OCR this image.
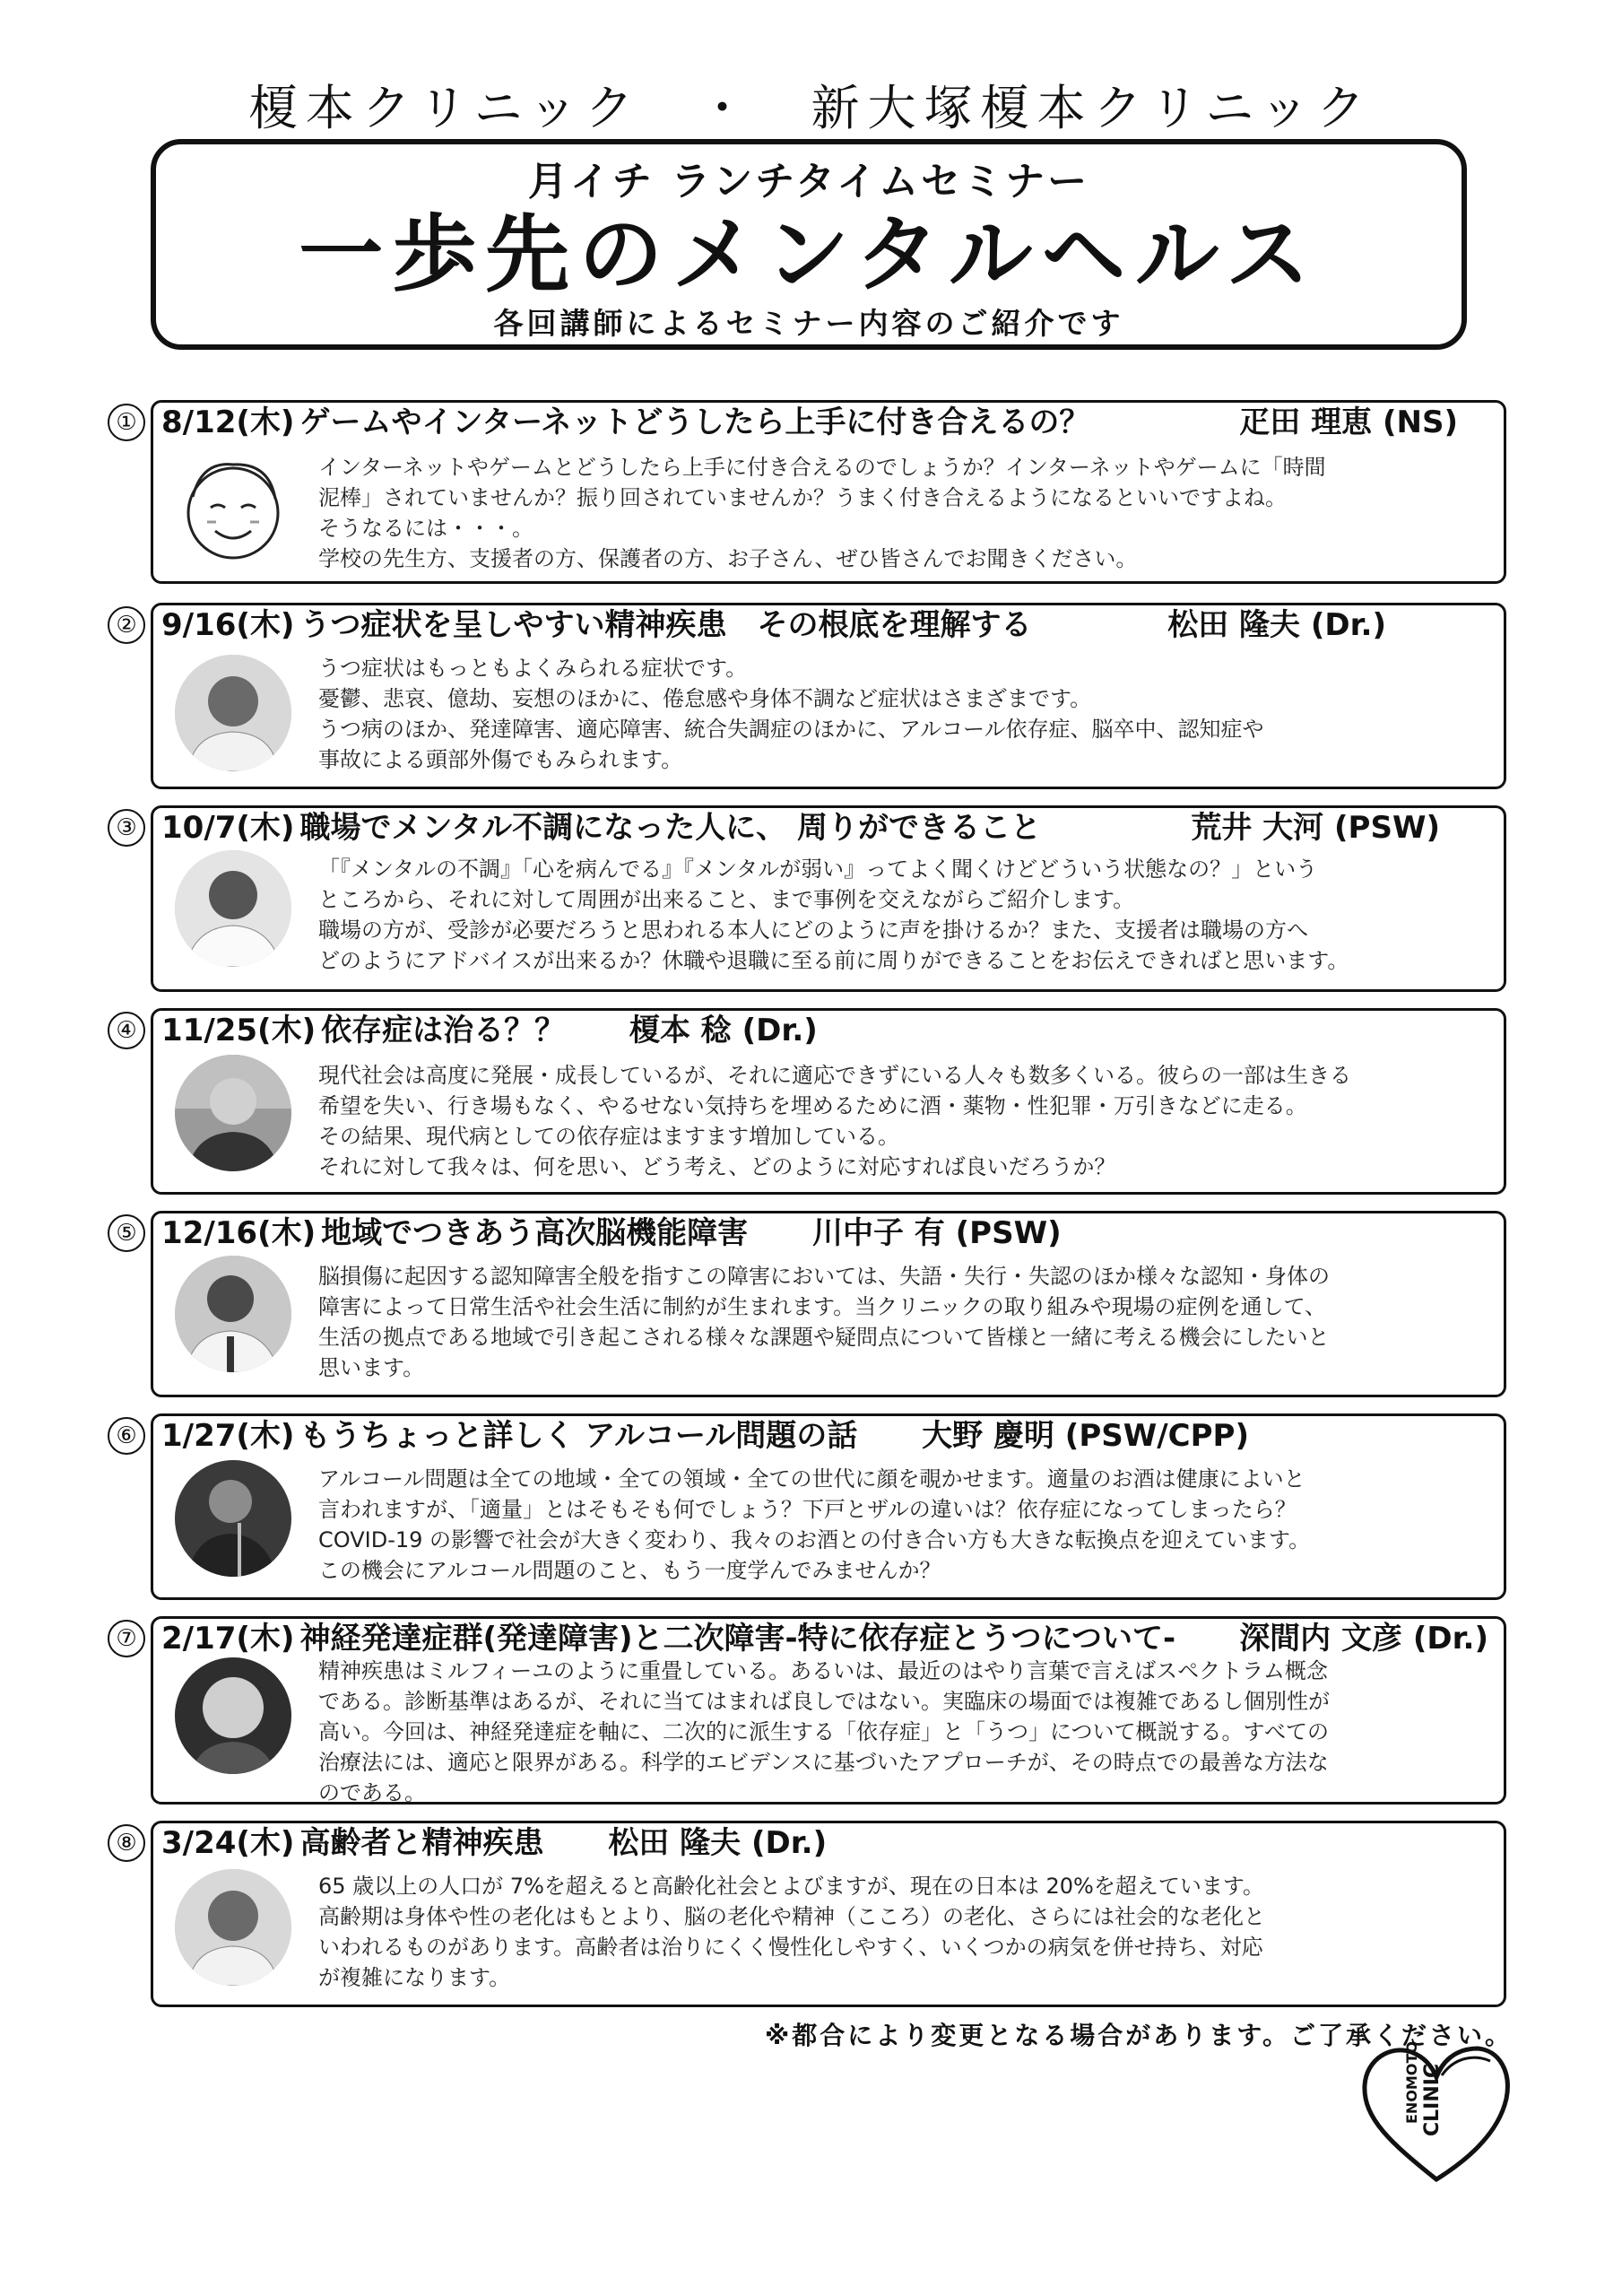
榎本クリニック　・　新大塚榎本クリニック
月イチ ランチタイムセミナー
一歩先のメンタルヘルス
各回講師によるセミナー内容のご紹介です
① 8/12(木) ゲームやインターネットどうしたら上手に付き合えるの？	疋田 理恵 (NS)

インターネットやゲームとどうしたら上手に付き合えるのでしょうか？インターネットやゲームに「時間

泥棒」されていませんか？振り回されていませんか？うまく付き合えるようになるといいですよね。

そうなるには・・・。

学校の先生方、支援者の方、保護者の方、お子さん、ぜひ皆さんでお聞きください。

② 9/16(木) うつ症状を呈しやすい精神疾患　その根底を理解する	松田 隆夫 (Dr.)

うつ症状はもっともよくみられる症状です。

憂鬱、悲哀、億劫、妄想のほかに、倦怠感や身体不調など症状はさまざまです。

うつ病のほか、発達障害、適応障害、統合失調症のほかに、アルコール依存症、脳卒中、認知症や

事故による頭部外傷でもみられます。

③ 10/7(木) 職場でメンタル不調になった人に、 周りができること	荒井 大河 (PSW)

「『メンタルの不調』「心を病んでる』『メンタルが弱い』ってよく聞くけどどういう状態なの？」という

ところから、それに対して周囲が出来ること、まで事例を交えながらご紹介します。

職場の方が、受診が必要だろうと思われる本人にどのように声を掛けるか？また、支援者は職場の方へ

どのようにアドバイスが出来るか？休職や退職に至る前に周りができることをお伝えできればと思います。

④ 11/25(木) 依存症は治る？？ 榎本 稔 (Dr.)

現代社会は高度に発展・成長しているが、それに適応できずにいる人々も数多くいる。彼らの一部は生きる

希望を失い、行き場もなく、やるせない気持ちを埋めるために酒・薬物・性犯罪・万引きなどに走る。

その結果、現代病としての依存症はますます増加している。

それに対して我々は、何を思い、どう考え、どのように対応すれば良いだろうか？

⑤ 12/16(木) 地域でつきあう高次脳機能障害 川中子 有 (PSW)

脳損傷に起因する認知障害全般を指すこの障害においては、失語・失行・失認のほか様々な認知・身体の

障害によって日常生活や社会生活に制約が生まれます。当クリニックの取り組みや現場の症例を通して、

生活の拠点である地域で引き起こされる様々な課題や疑問点について皆様と一緒に考える機会にしたいと

思います。

⑥ 1/27(木) もうちょっと詳しく アルコール問題の話 大野 慶明 (PSW/CPP)

アルコール問題は全ての地域・全ての領域・全ての世代に顔を覗かせます。適量のお酒は健康によいと

言われますが、「適量」とはそもそも何でしょう？下戸とザルの違いは？依存症になってしまったら？

COVID-19 の影響で社会が大きく変わり、我々のお酒との付き合い方も大きな転換点を迎えています。

この機会にアルコール問題のこと、もう一度学んでみませんか？

⑦ 2/17(木) 神経発達症群(発達障害)と二次障害-特に依存症とうつについて- 深間内 文彦 (Dr.)

精神疾患はミルフィーユのように重畳している。あるいは、最近のはやり言葉で言えばスペクトラム概念

である。診断基準はあるが、それに当てはまれば良しではない。実臨床の場面では複雑であるし個別性が

高い。今回は、神経発達症を軸に、二次的に派生する「依存症」と「うつ」について概説する。すべての

治療法には、適応と限界がある。科学的エビデンスに基づいたアプローチが、その時点での最善な方法な

のである。

⑧ 3/24(木) 高齢者と精神疾患 松田 隆夫 (Dr.)

65 歳以上の人口が 7%を超えると高齢化社会とよびますが、現在の日本は 20%を超えています。

高齢期は身体や性の老化はもとより、脳の老化や精神（こころ）の老化、さらには社会的な老化と

いわれるものがあります。高齢者は治りにくく慢性化しやすく、いくつかの病気を併せ持ち、対応

が複雑になります。

※都合により変更となる場合があります。ご了承ください。
ENOMOTO CLINIC
